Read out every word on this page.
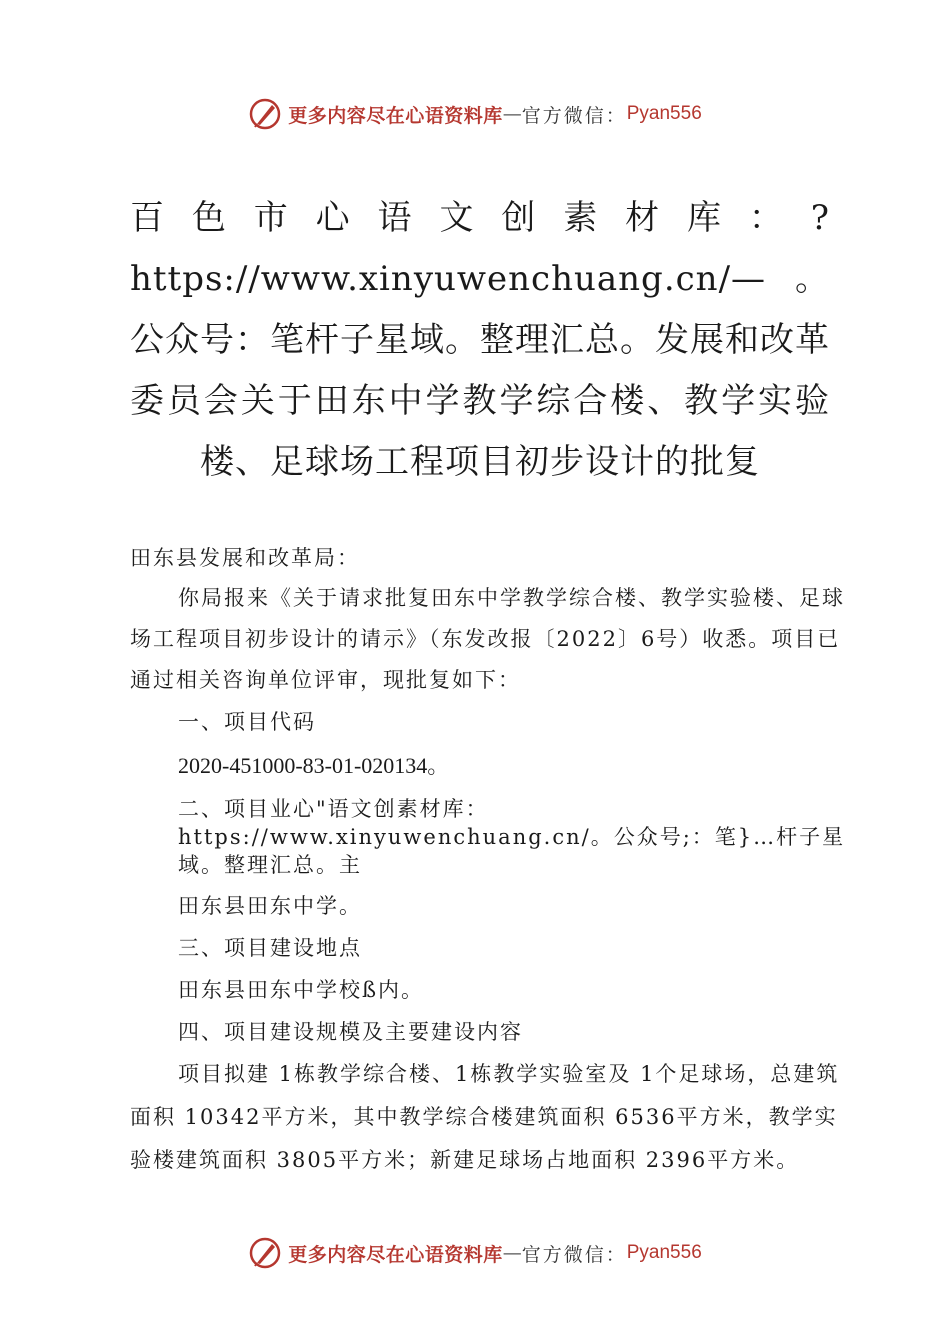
更多内容尽在心语资料库 — 官方微信： Pyan556
百色市心语文创素材库：?https://www.xinyuwenchuang.cn/—。公众号：笔杆子星域。整理汇总。发展和改革委员会关于田东中学教学综合楼、教学实验楼、足球场工程项目初步设计的批复

田东县发展和改革局：

你局报来《关于请求批复田东中学教学综合楼、教学实验楼、足球场工程项目初步设计的请示》（东发改报〔2022〕6号）收悉。项目已通过相关咨询单位评审，现批复如下：

一、项目代码

2020-451000-83-01-020134。

二、项目业心"语文创素材库：https://www.xinyuwenchuang.cn/。公众号;：笔}…杆子星域。整理汇总。主

田东县田东中学。

三、项目建设地点

田东县田东中学校ß内。

四、项目建设规模及主要建设内容

项目拟建 1栋教学综合楼、1栋教学实验室及 1个足球场，总建筑面积 10342平方米，其中教学综合楼建筑面积 6536平方米，教学实验楼建筑面积 3805平方米；新建足球场占地面积 2396平方米。

更多内容尽在心语资料库 — 官方微信： Pyan556
